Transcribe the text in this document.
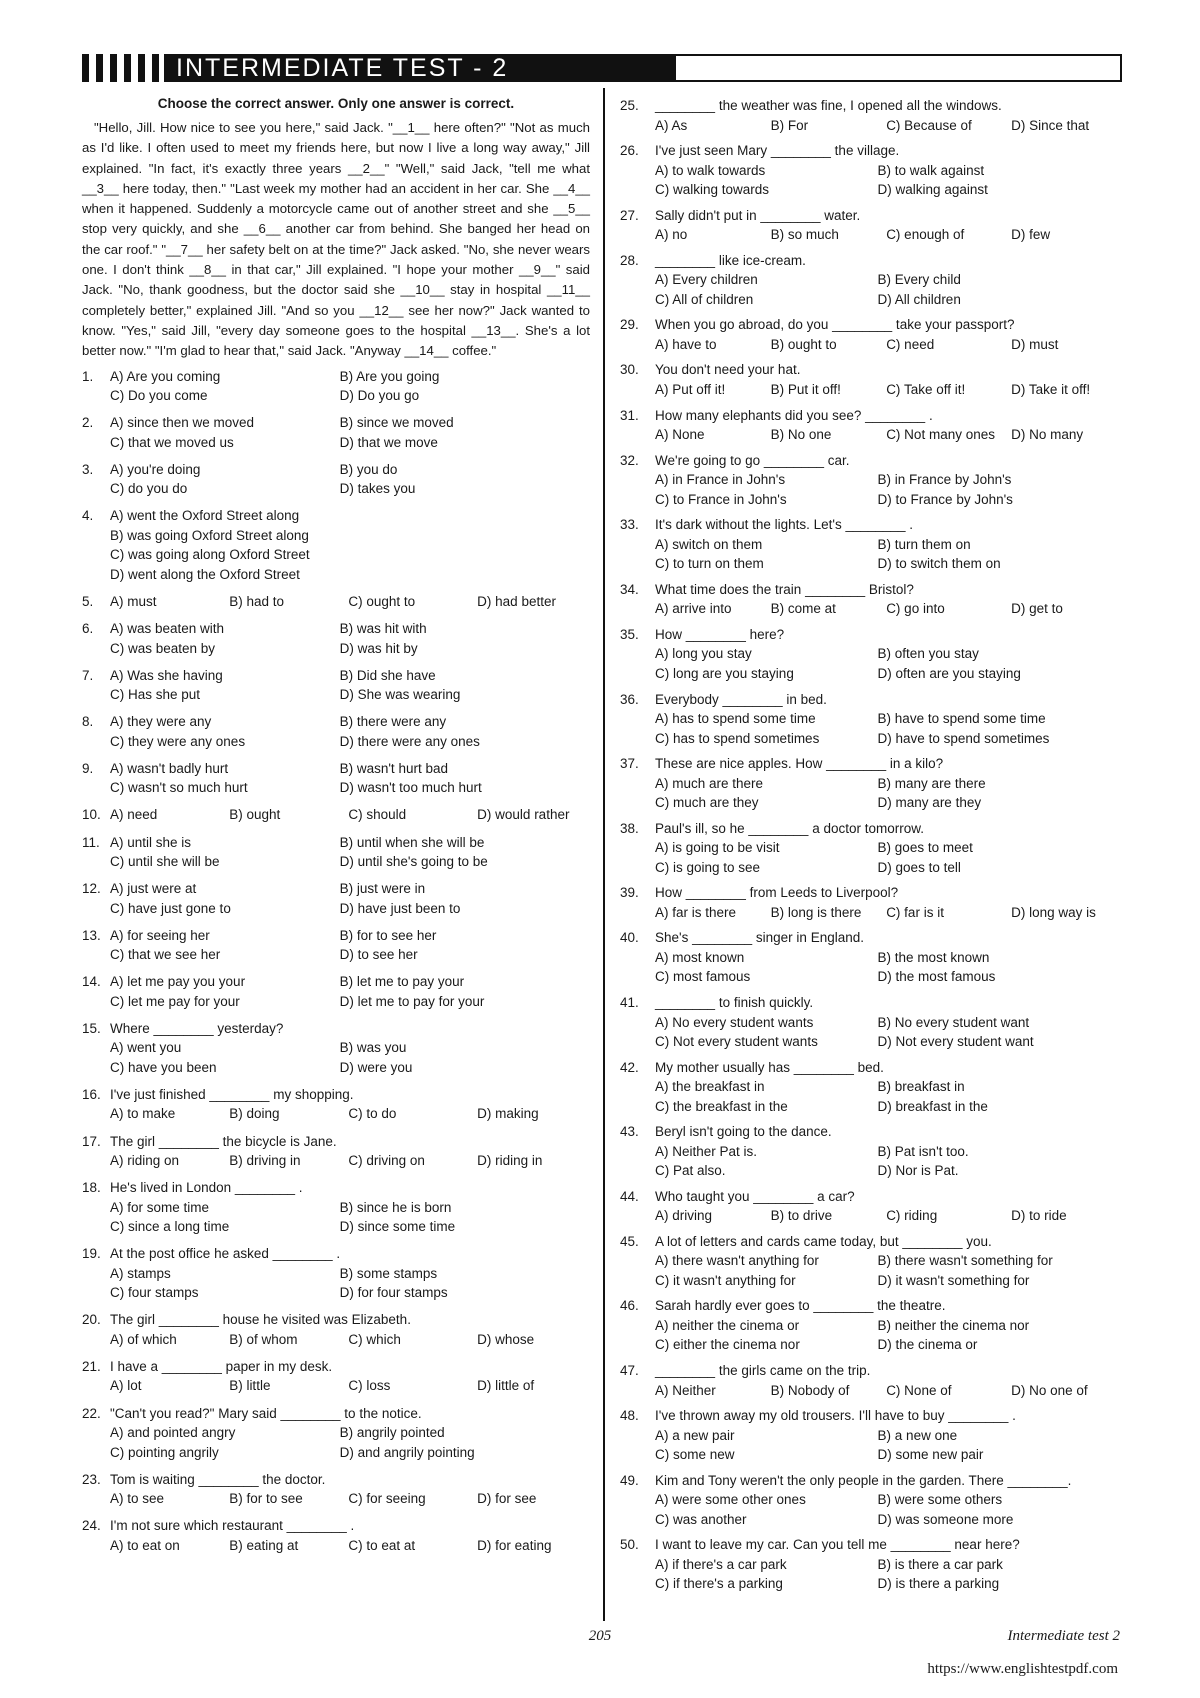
INTERMEDIATE TEST - 2

Choose the correct answer. Only one answer is correct.

"Hello, Jill. How nice to see you here," said Jack. "__1__ here often?" "Not as much as I'd like. I often used to meet my friends here, but now I live a long way away," Jill explained. "In fact, it's exactly three years __2__" "Well," said Jack, "tell me what __3__ here today, then." "Last week my mother had an accident in her car. She __4__ when it happened. Suddenly a motorcycle came out of another street and she __5__ stop very quickly, and she __6__ another car from behind. She banged her head on the car roof." "__7__ her safety belt on at the time?" Jack asked. "No, she never wears one. I don't think __8__ in that car," Jill explained. "I hope your mother __9__" said Jack. "No, thank goodness, but the doctor said she __10__ stay in hospital __11__ completely better," explained Jill. "And so you __12__ see her now?" Jack wanted to know. "Yes," said Jill, "every day someone goes to the hospital __13__. She's a lot better now." "I'm glad to hear that," said Jack. "Anyway __14__ coffee."

1.	A) Are you coming	B) Are you going
C) Do you come	D) Do you go
2.	A) since then we moved	B) since we moved
C) that we moved us	D) that we move
3.	A) you're doing	B) you do
C) do you do	D) takes you
4.	A) went the Oxford Street along
B) was going Oxford Street along
C) was going along Oxford Street
D) went along the Oxford Street
5.	A) must	B) had to	C) ought to	D) had better
6.	A) was beaten with	B) was hit with
C) was beaten by	D) was hit by
7.	A) Was she having	B) Did she have
C) Has she put	D) She was wearing
8.	A) they were any	B) there were any
C) they were any ones	D) there were any ones
9.	A) wasn't badly hurt	B) wasn't hurt bad
C) wasn't so much hurt	D) wasn't too much hurt
10. A) need	B) ought	C) should	D) would rather
11. A) until she is	B) until when she will be
C) until she will be	D) until she's going to be
12. A) just were at	B) just were in
C) have just gone to	D) have just been to
13. A) for seeing her	B) for to see her
C) that we see her	D) to see her
14. A) let me pay you your	B) let me to pay your
C) let me pay for your	D) let me to pay for your
15. Where ________ yesterday?
A) went you	B) was you
C) have you been	D) were you
16. I've just finished ________ my shopping.
A) to make	B) doing	C) to do	D) making
17. The girl ________ the bicycle is Jane.
A) riding on	B) driving in	C) driving on	D) riding in
18. He's lived in London ________ .
A) for some time	B) since he is born
C) since a long time	D) since some time
19. At the post office he asked ________ .
A) stamps	B) some stamps
C) four stamps	D) for four stamps
20. The girl ________ house he visited was Elizabeth.
A) of which	B) of whom	C) which	D) whose
21. I have a ________ paper in my desk.
A) lot	B) little	C) loss	D) little of
22. "Can't you read?" Mary said ________ to the notice.
A) and pointed angry	B) angrily pointed
C) pointing angrily	D) and angrily pointing
23. Tom is waiting ________ the doctor.
A) to see	B) for to see	C) for seeing	D) for see
24. I'm not sure which restaurant ________ .
A) to eat on	B) eating at	C) to eat at	D) for eating
25.	________ the weather was fine, I opened all the windows.
A) As	B) For	C) Because of	D) Since that
26.	I've just seen Mary ________ the village.
A) to walk towards	B) to walk against
C) walking towards	D) walking against
27.	Sally didn't put in ________ water.
A) no	B) so much	C) enough of	D) few
28.	________ like ice-cream.
A) Every children	B) Every child
C) All of children	D) All children
29.	When you go abroad, do you ________ take your passport?
A) have to	B) ought to	C) need	D) must
30.	You don't need your hat.
A) Put off it!	B) Put it off!	C) Take off it!	D) Take it off!
31.	How many elephants did you see? ________ .
A) None	B) No one	C) Not many ones	D) No many
32.	We're going to go ________ car.
A) in France in John's	B) in France by John's
C) to France in John's	D) to France by John's
33.	It's dark without the lights. Let's ________ .
A) switch on them	B) turn them on
C) to turn on them	D) to switch them on
34.	What time does the train ________ Bristol?
A) arrive into	B) come at	C) go into	D) get to
35.	How ________ here?
A) long you stay	B) often you stay
C) long are you staying	D) often are you staying
36.	Everybody ________ in bed.
A) has to spend some time	B) have to spend some time
C) has to spend sometimes	D) have to spend sometimes
37.	These are nice apples. How ________ in a kilo?
A) much are there	B) many are there
C) much are they	D) many are they
38.	Paul's ill, so he ________ a doctor tomorrow.
A) is going to be visit	B) goes to meet
C) is going to see	D) goes to tell
39.	How ________ from Leeds to Liverpool?
A) far is there	B) long is there	C) far is it	D) long way is
40.	She's ________ singer in England.
A) most known	B) the most known
C) most famous	D) the most famous
41.	________ to finish quickly.
A) No every student wants	B) No every student want
C) Not every student wants	D) Not every student want
42.	My mother usually has ________ bed.
A) the breakfast in	B) breakfast in
C) the breakfast in the	D) breakfast in the
43.	Beryl isn't going to the dance.
A) Neither Pat is.	B) Pat isn't too.
C) Pat also.	D) Nor is Pat.
44.	Who taught you ________ a car?
A) driving	B) to drive	C) riding	D) to ride
45.	A lot of letters and cards came today, but ________ you.
A) there wasn't anything for	B) there wasn't something for
C) it wasn't anything for	D) it wasn't something for
46.	Sarah hardly ever goes to ________ the theatre.
A) neither the cinema or	B) neither the cinema nor
C) either the cinema nor	D) the cinema or
47.	________ the girls came on the trip.
A) Neither	B) Nobody of	C) None of	D) No one of
48.	I've thrown away my old trousers. I'll have to buy ________ .
A) a new pair	B) a new one
C) some new	D) some new pair
49.	Kim and Tony weren't the only people in the garden. There ________.
A) were some other ones	B) were some others
C) was another	D) was someone more
50.	I want to leave my car. Can you tell me ________ near here?
A) if there's a car park	B) is there a car park
C) if there's a parking	D) is there a parking
205	Intermediate test 2
https://www.englishtestpdf.com
